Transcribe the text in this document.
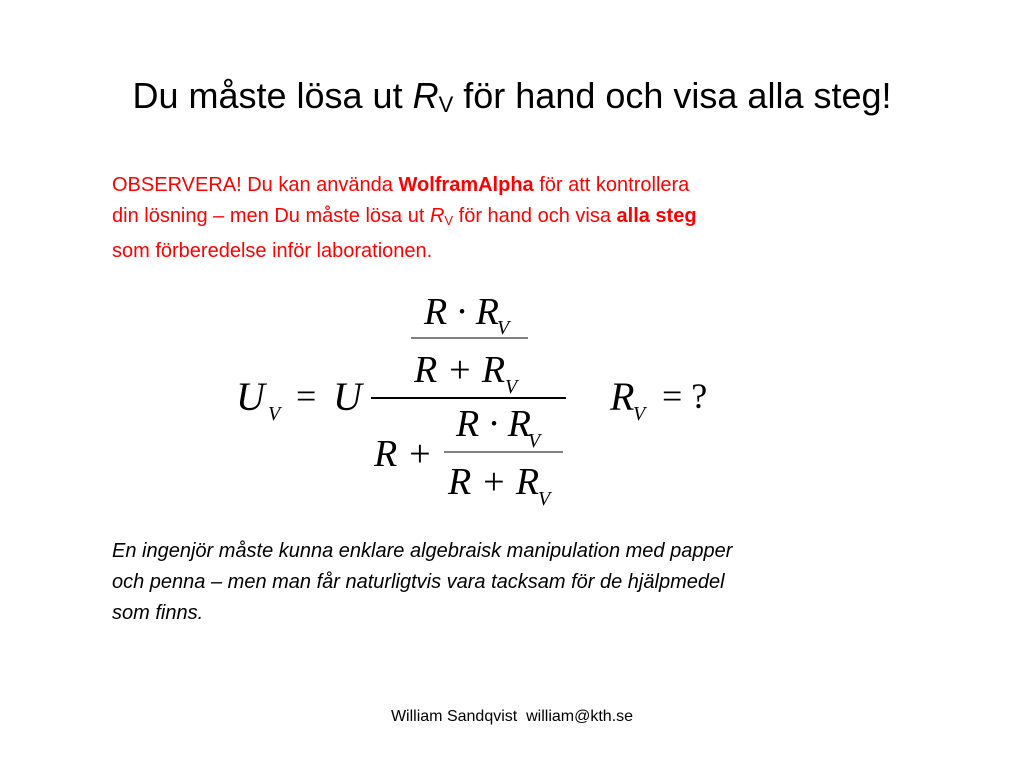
Du måste lösa ut $R_V$ för hand och visa alla steg!
OBSERVERA! Du kan använda WolframAlpha för att kontrollera
din lösning – men Du måste lösa ut $R_V$ för hand och visa alla steg
som förberedelse inför laborationen.
U V = U
R · R
V
R + R V
R · R
V
R +
R + R
V
R
V = ?
En ingenjör måste kunna enklare algebraisk manipulation med papper
och penna – men man får naturligtvis vara tacksam för de hjälpmedel
som finns.
William Sandqvist  william@kth.se
